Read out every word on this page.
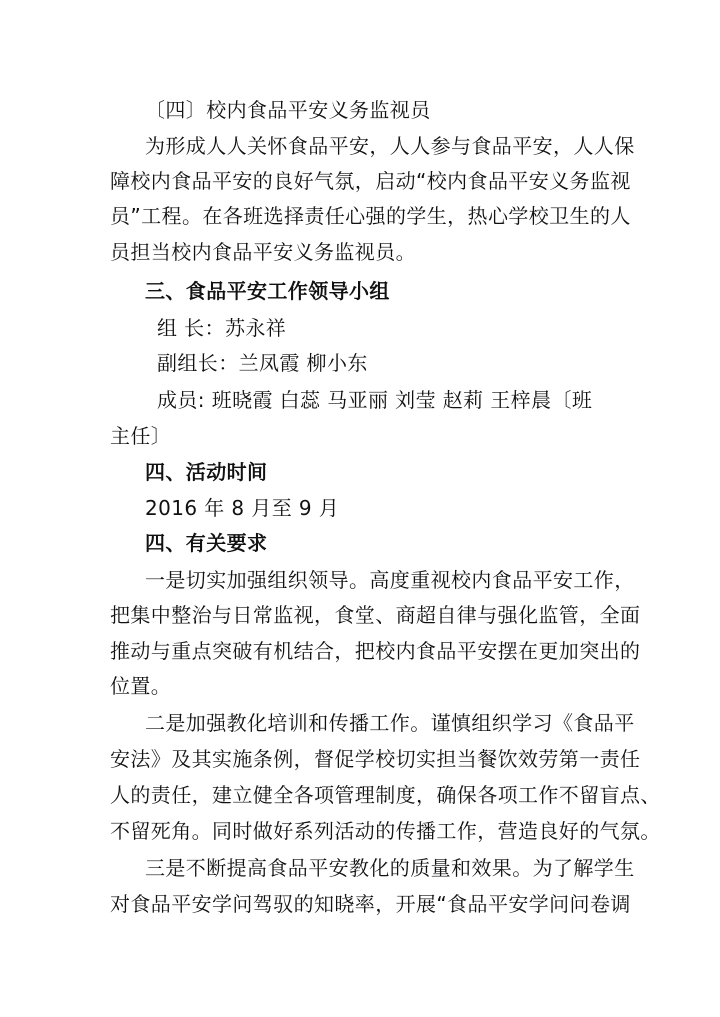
〔四〕校内食品平安义务监视员
为形成人人关怀食品平安，人人参与食品平安，人人保
障校内食品平安的良好气氛，启动“校内食品平安义务监视
员”工程。在各班选择责任心强的学生，热心学校卫生的人
员担当校内食品平安义务监视员。
三、食品平安工作领导小组
组 长：苏永祥
副组长：兰凤霞 柳小东
成员: 班晓霞 白蕊 马亚丽 刘莹 赵莉 王梓晨〔班
主任〕
四、活动时间
2016 年 8 月至 9 月
四、有关要求
一是切实加强组织领导。高度重视校内食品平安工作，
把集中整治与日常监视，食堂、商超自律与强化监管，全面
推动与重点突破有机结合，把校内食品平安摆在更加突出的
位置。
二是加强教化培训和传播工作。谨慎组织学习《食品平
安法》及其实施条例，督促学校切实担当餐饮效劳第一责任
人的责任，建立健全各项管理制度，确保各项工作不留盲点、
不留死角。同时做好系列活动的传播工作，营造良好的气氛。
三是不断提高食品平安教化的质量和效果。为了解学生
对食品平安学问驾驭的知晓率，开展“食品平安学问问卷调
